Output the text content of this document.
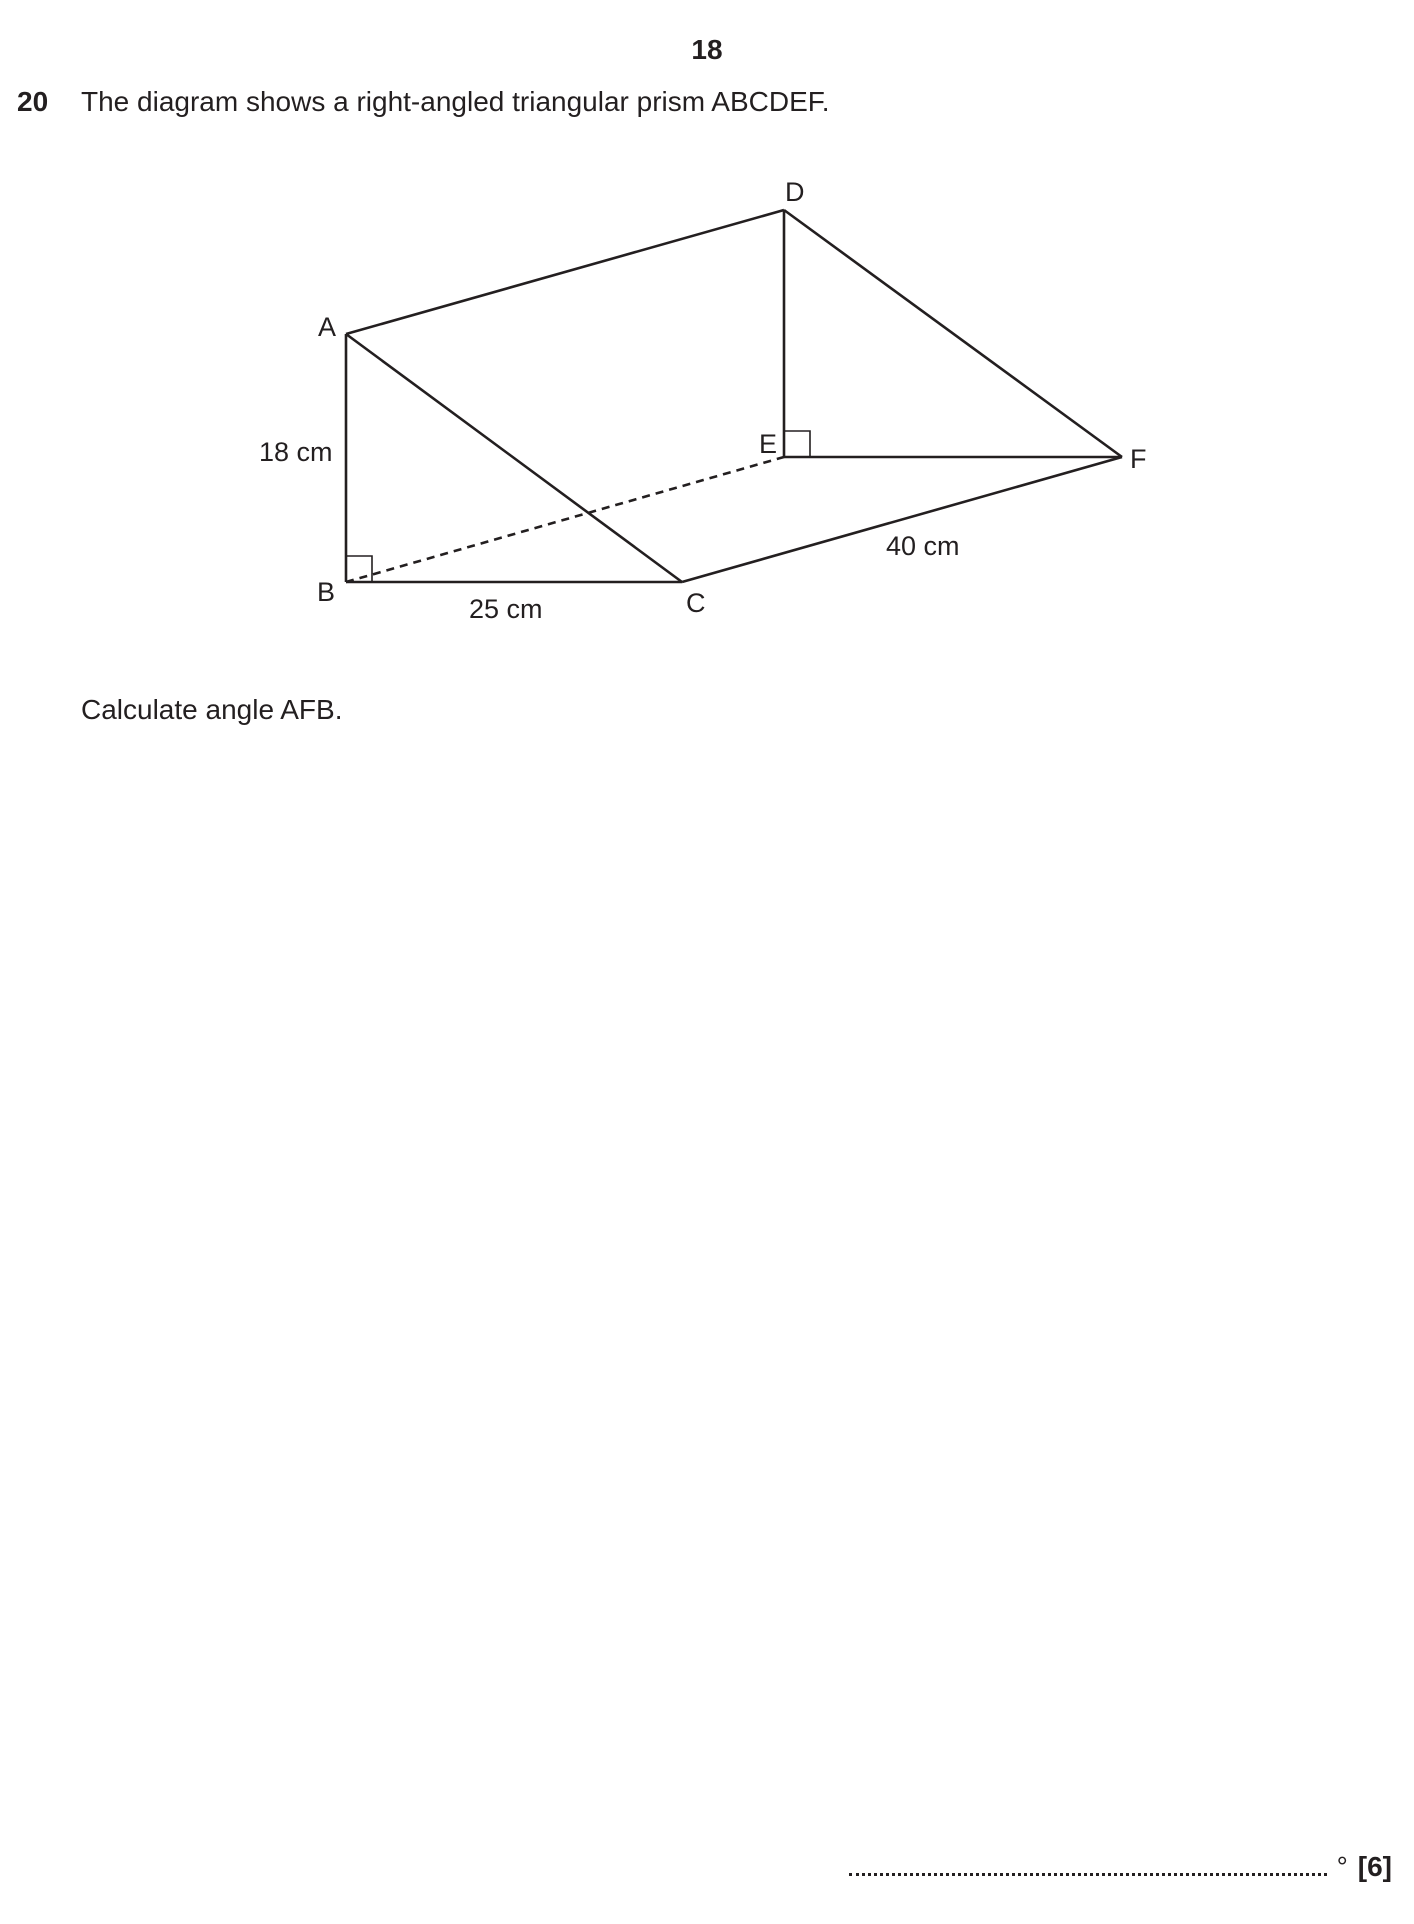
18
20 The diagram shows a right-angled triangular prism ABCDEF.
A
B	C
D
E	F
18 cm
25 cm
40 cm
Calculate angle AFB.
° [6]
